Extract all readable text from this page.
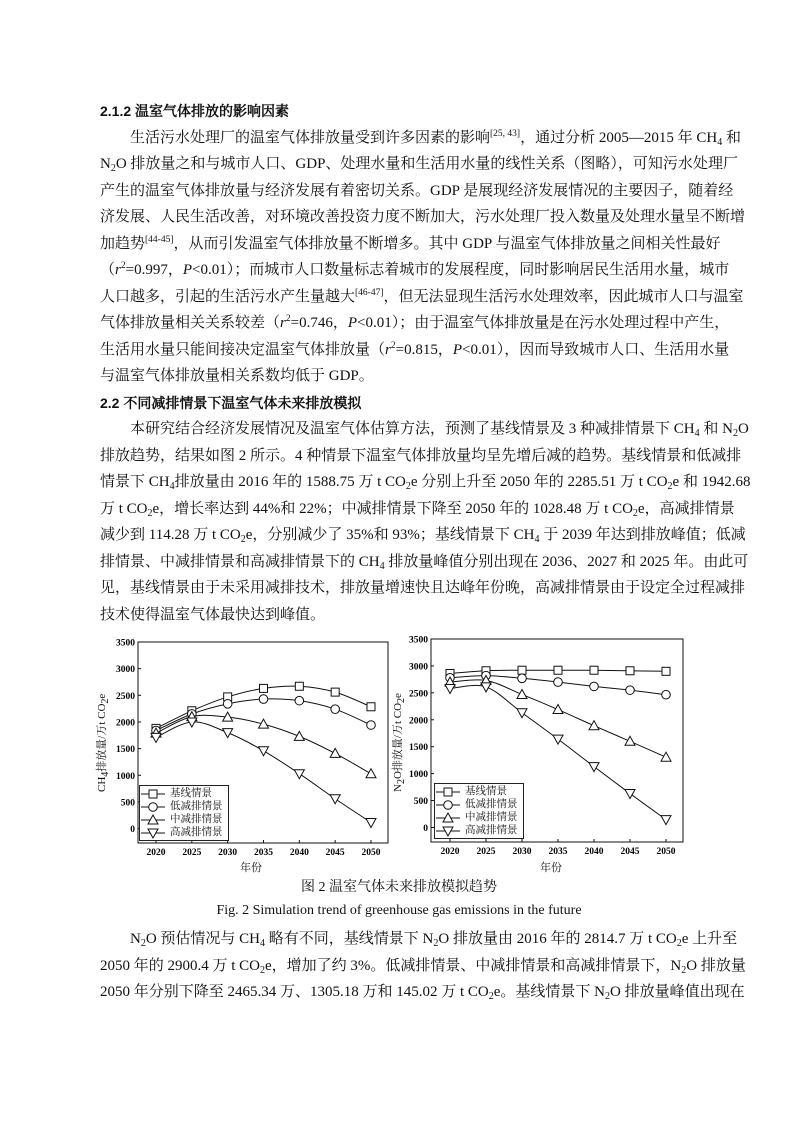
2.1.2 温室气体排放的影响因素
生活污水处理厂的温室气体排放量受到许多因素的影响[25, 43]，通过分析 2005—2015 年 $CH_4$ 和
$N_2O$ 排放量之和与城市人口、GDP、处理水量和生活用水量的线性关系（图略），可知污水处理厂
产生的温室气体排放量与经济发展有着密切关系。GDP 是展现经济发展情况的主要因子，随着经
济发展、人民生活改善，对环境改善投资力度不断加大，污水处理厂投入数量及处理水量呈不断增
加趋势[44-45]，从而引发温室气体排放量不断增多。其中 GDP 与温室气体排放量之间相关性最好
（$r^2=0.997$，P<0.01）；而城市人口数量标志着城市的发展程度，同时影响居民生活用水量，城市
人口越多，引起的生活污水产生量越大[46-47]，但无法显现生活污水处理效率，因此城市人口与温室
气体排放量相关关系较差（$r^2=0.746$，P<0.01）；由于温室气体排放量是在污水处理过程中产生，
生活用水量只能间接决定温室气体排放量（$r^2=0.815$，P<0.01），因而导致城市人口、生活用水量
与温室气体排放量相关系数均低于 GDP。
2.2 不同减排情景下温室气体未来排放模拟
本研究结合经济发展情况及温室气体估算方法，预测了基线情景及 3 种减排情景下 $CH_4$ 和 $N_2O$
排放趋势，结果如图 2 所示。4 种情景下温室气体排放量均呈先增后减的趋势。基线情景和低减排
情景下 $CH_4$排放量由 2016 年的 1588.75 万 t $CO_2e$ 分别上升至 2050 年的 2285.51 万 t $CO_2e$ 和 1942.68
万 t $CO_2e$，增长率达到 44%和 22%；中减排情景下降至 2050 年的 1028.48 万 t $CO_2e$，高减排情景
减少到 114.28 万 t $CO_2e$，分别减少了 35%和 93%；基线情景下 $CH_4$ 于 2039 年达到排放峰值；低减
排情景、中减排情景和高减排情景下的 $CH_4$ 排放量峰值分别出现在 2036、2027 和 2025 年。由此可
见，基线情景由于未采用减排技术，排放量增速快且达峰年份晚，高减排情景由于设定全过程减排
技术使得温室气体最快达到峰值。
0
500
1000
1500
2000
2500
3000
3500
2020 2025 2030 2035 2040 2045 2050
$CH_4$排放量/万t $CO_2e$
年份
基线情景
低减排情景
中减排情景
高减排情景	0
500
1000
1500
2000
2500
3000
3500
2020 2025 2030 2035 2040 2045 2050
$N_2O$排放量/万t $CO_2e$
年份
基线情景
低减排情景
中减排情景
高减排情景
图 2 温室气体未来排放模拟趋势
Fig. 2 Simulation trend of greenhouse gas emissions in the future
$N_2O$ 预估情况与 $CH_4$ 略有不同，基线情景下 $N_2O$ 排放量由 2016 年的 2814.7 万 t $CO_2e$ 上升至
2050 年的 2900.4 万 t $CO_2e$，增加了约 3%。低减排情景、中减排情景和高减排情景下，$N_2O$ 排放量
2050 年分别下降至 2465.34 万、1305.18 万和 145.02 万 t $CO_2e$。基线情景下 $N_2O$ 排放量峰值出现在
